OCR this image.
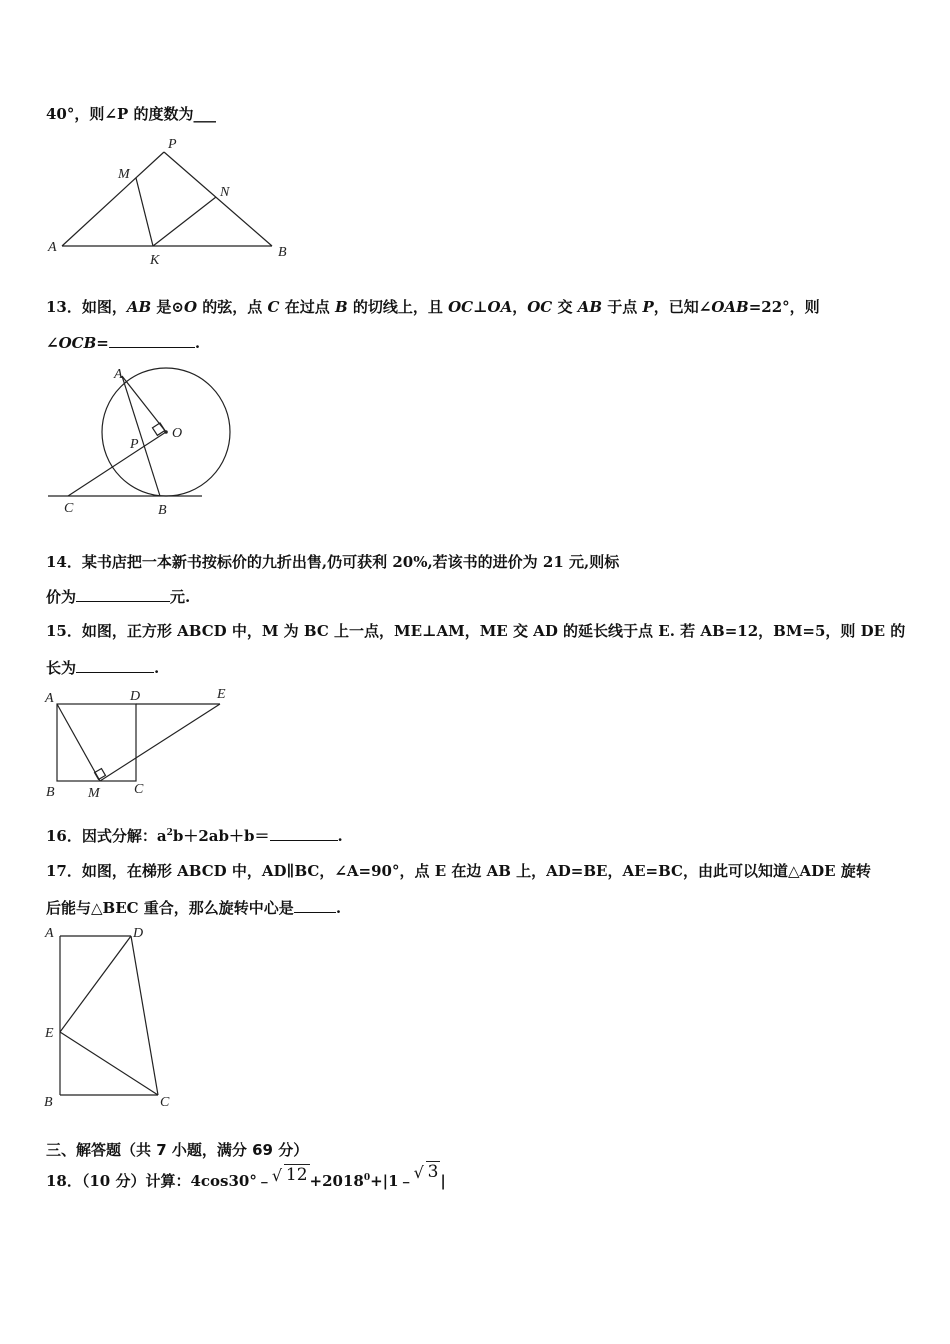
40°，则∠P 的度数为___
P
M
N
A
K
B
13．如图，AB 是⊙O 的弦，点 C 在过点 B 的切线上，且 OC⊥OA，OC 交 AB 于点 P，已知∠OAB=22°，则
∠OCB=	.
A
O
P
C	B
14．某书店把一本新书按标价的九折出售,仍可获利 20%,若该书的进价为 21 元,则标
价为	元.
15．如图，正方形 ABCD 中，M 为 BC 上一点，ME⊥AM，ME 交 AD 的延长线于点 E. 若 AB=12，BM=5，则 DE 的
长为	.
A	D	E
B M C
16．因式分解：$a^2b+2ab+b=$	.
17．如图，在梯形 ABCD 中，AD∥BC，∠A=90°，点 E 在边 AB 上，AD=BE，AE=BC，由此可以知道△ADE 旋转
后能与△BEC 重合，那么旋转中心是	.
A	D
E
B	C
三、解答题（共 7 小题，满分 69 分）
18．（10 分）计算：4cos30°﹣ √ $12 +2018^0+|1﹣$ √ 3 |
